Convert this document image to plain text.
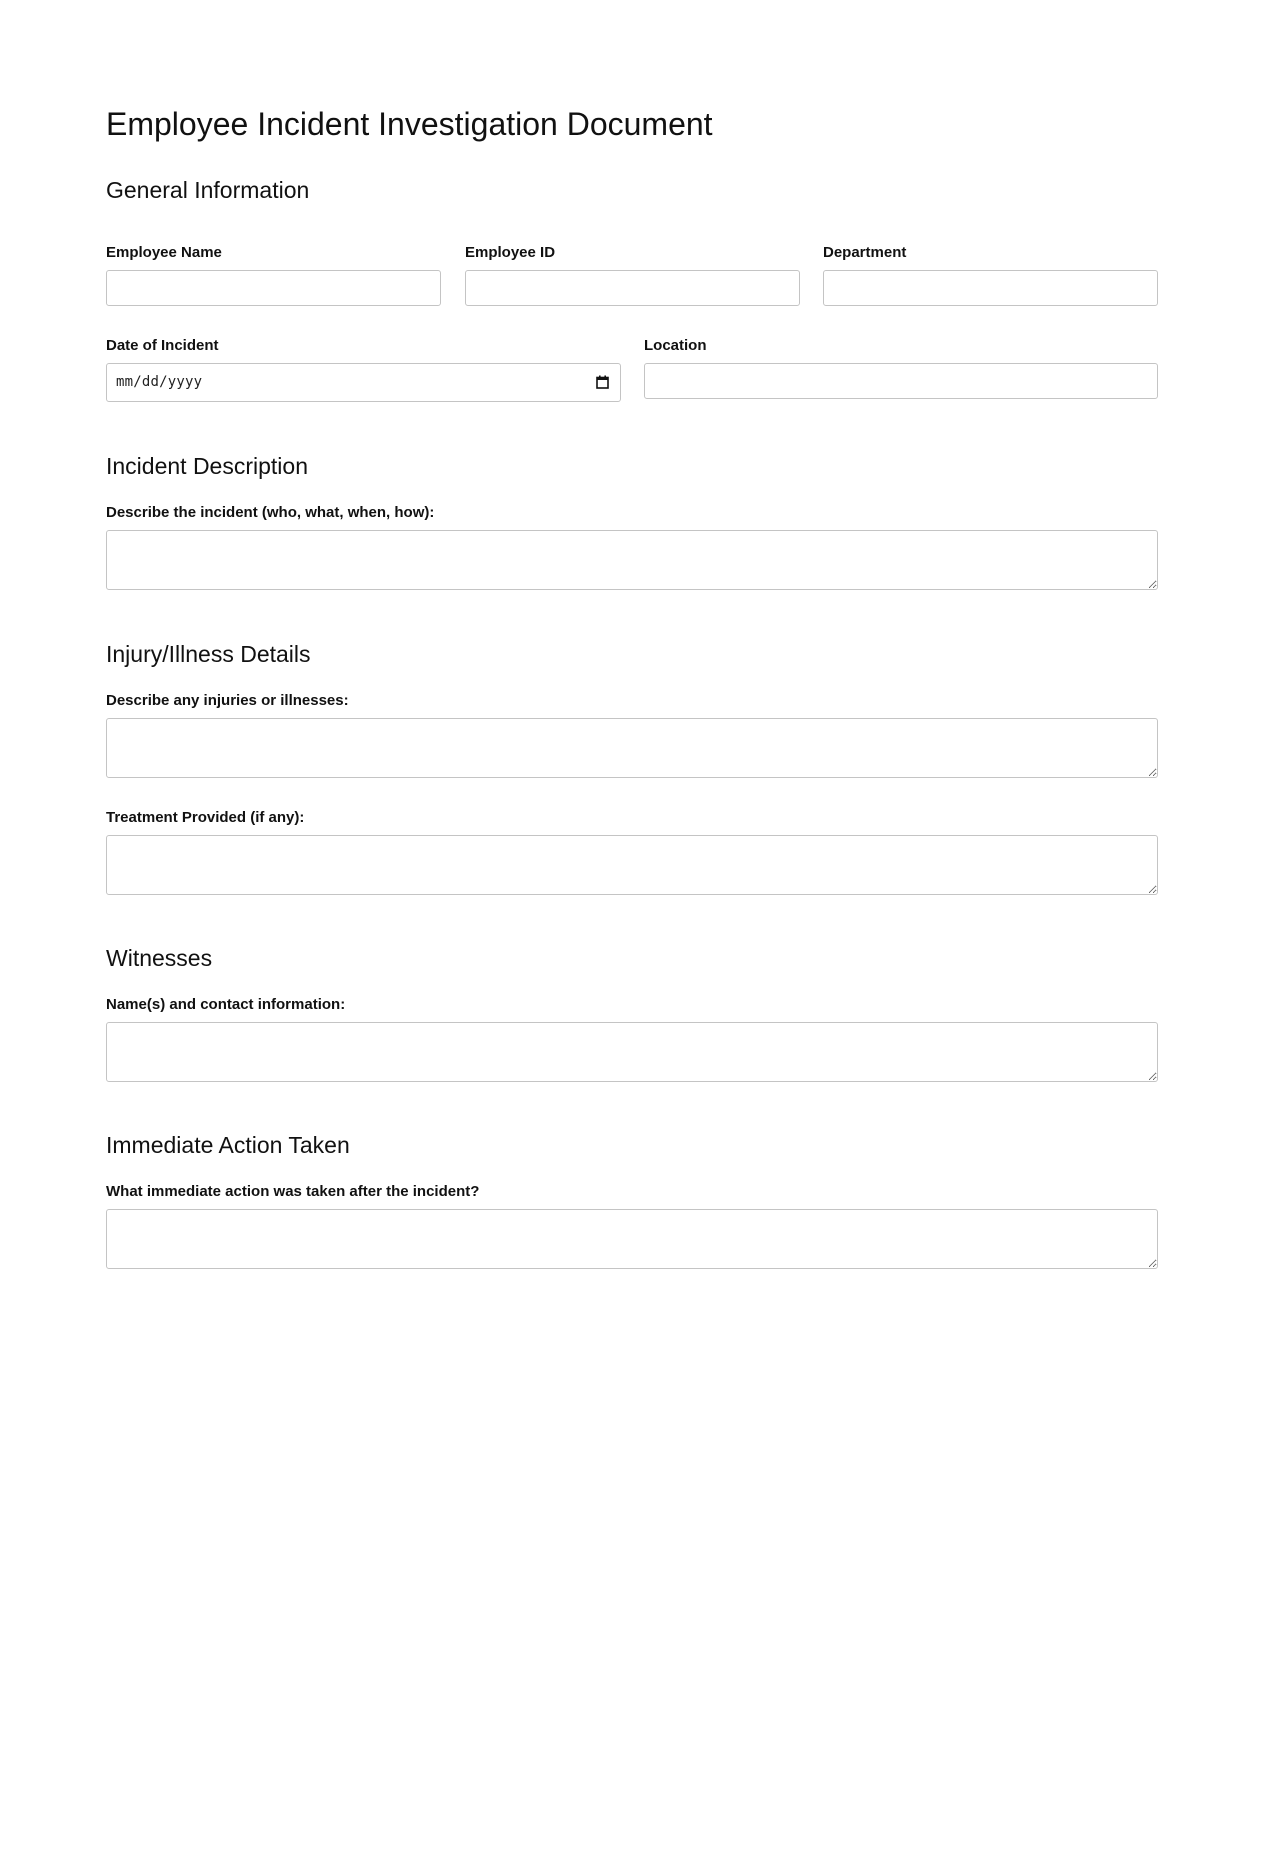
Employee Incident Investigation Document
General Information
Employee Name	Employee ID	Department
Date of Incident
mm/dd/yyyy
Location
Incident Description
Describe the incident (who, what, when, how):
Injury/Illness Details
Describe any injuries or illnesses:
Treatment Provided (if any):
Witnesses
Name(s) and contact information:
Immediate Action Taken
What immediate action was taken after the incident?
